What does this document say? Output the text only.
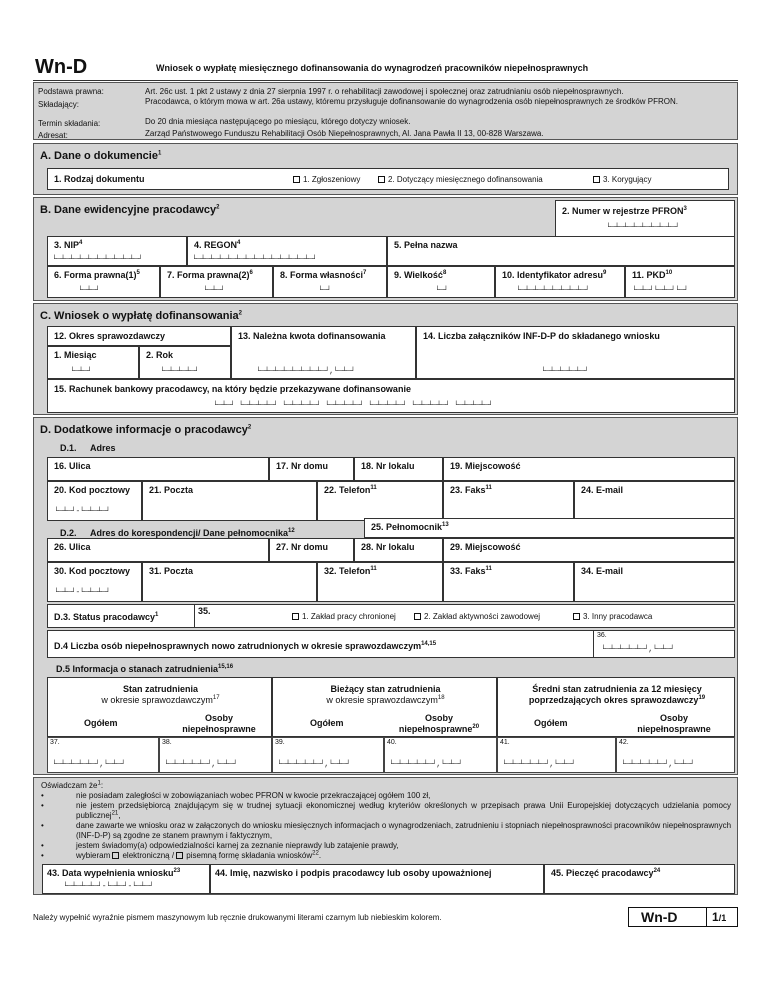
Wn-D	Wniosek o wypłatę miesięcznego dofinansowania do wynagrodzeń pracowników niepełnosprawnych
Podstawa prawna:	Art. 26c ust. 1 pkt 2 ustawy z dnia 27 sierpnia 1997 r. o rehabilitacji zawodowej i społecznej oraz zatrudnianiu osób niepełnosprawnych.
Składający:	Pracodawca, o którym mowa w art. 26a ustawy, któremu przysługuje dofinansowanie do wynagrodzenia osób niepełnosprawnych ze środków PFRON.
Termin składania:	Do 20 dnia miesiąca następującego po miesiącu, którego dotyczy wniosek.
Adresat:	Zarząd Państwowego Funduszu Rehabilitacji Osób Niepełnosprawnych, Al. Jana Pawła II 13, 00-828 Warszawa.
A. Dane o dokumencie$^1$
1. Rodzaj dokumentu	1. Zgłoszeniowy	2. Dotyczący miesięcznego dofinansowania	3. Korygujący
B. Dane ewidencyjne pracodawcy$^2$	2. Numer w rejestrze PFRON$^3$
└─┴─┴─┴─┴─┴─┴─┴─┘
3. NIP$^4$
└─┴─┴─┴─┴─┴─┴─┴─┴─┴─┘
4. REGON$^4$
└─┴─┴─┴─┴─┴─┴─┴─┴─┴─┴─┴─┴─┴─┘
5. Pełna nazwa
6. Forma $prawna(1)^5$
└─┴─┘
7. Forma $prawna(2)^6$
└─┴─┘
8. Forma własności$^7$
└─┘
9. Wielkość$^8$
└─┘
10. Identyfikator adresu$^9$
└─┴─┴─┴─┴─┴─┴─┴─┘
11. PKD$^{10}$
└─┴─┘└─┴─┘└─┘
C. Wniosek o wypłatę dofinansowania$^2$
12. Okres sprawozdawczy
1. Miesiąc
└─┴─┘
2. Rok
└─┴─┴─┴─┘
13. Należna kwota dofinansowania
└─┴─┴─┴─┴─┴─┴─┴─┘,└─┴─┘
14. Liczba załączników INF-D-P do składanego wniosku
└─┴─┴─┴─┴─┘
15. Rachunek bankowy pracodawcy, na który będzie przekazywane dofinansowanie
└─┴─┘ └─┴─┴─┴─┘ └─┴─┴─┴─┘ └─┴─┴─┴─┘ └─┴─┴─┴─┘ └─┴─┴─┴─┘ └─┴─┴─┴─┘
D. Dodatkowe informacje o pracodawcy$^2$
D.1. Adres
16. Ulica	17. Nr domu	18. Nr lokalu	19. Miejscowość
20. Kod pocztowy
└─┴─┘-└─┴─┴─┘
21. Poczta	22. Telefon$^{11}$	23. Faks$^{11}$	24. E-mail
D.2. Adres do korespondencji/ Dane pełnomocnika$^{12}$	25. Pełnomocnik$^{13}$
26. Ulica	27. Nr domu	28. Nr lokalu	29. Miejscowość
30. Kod pocztowy
└─┴─┘-└─┴─┴─┘
31. Poczta	32. Telefon$^{11}$	33. Faks$^{11}$	34. E-mail
D.3. Status pracodawcy$^1$	35.
1. Zakład pracy chronionej	2. Zakład aktywności zawodowej	3. Inny pracodawca
D.4 Liczba osób niepełnosprawnych nowo zatrudnionych w okresie sprawozdawczym$^{14,15}$
36.
└─┴─┴─┴─┴─┘,└─┴─┘
D.5 Informacja o stanach zatrudnienia$^{15,16}$
Stan zatrudnienia
w okresie sprawozdawczym$^{17}$
Bieżący stan zatrudnienia
w okresie sprawozdawczym$^{18}$
Średni stan zatrudnienia za 12 miesięcy
poprzedzających okres sprawozdawczy$^{19}$
Ogółem	Osoby
niepełnosprawne
Ogółem	Osoby
niepełnosprawne$^{20}$	Ogółem	Osoby
niepełnosprawne
37.
└─┴─┴─┴─┴─┘,└─┴─┘
38.
└─┴─┴─┴─┴─┘,└─┴─┘
39.
└─┴─┴─┴─┴─┘,└─┴─┘
40.
└─┴─┴─┴─┴─┘,└─┴─┘
41.
└─┴─┴─┴─┴─┘,└─┴─┘
42.
└─┴─┴─┴─┴─┘,└─┴─┘
Oświadczam $że^1$:
•	nie posiadam zaległości w zobowiązaniach wobec PFRON w kwocie przekraczającej ogółem 100 zł,
•	nie jestem przedsiębiorcą znajdującym się w trudnej sytuacji ekonomicznej według kryteriów określonych w przepisach prawa Unii Europejskiej dotyczących udzielania pomocy publicznej$^{21}$,
•	dane zawarte we wniosku oraz w załączonych do wniosku miesięcznych informacjach o wynagrodzeniach, zatrudnieniu i stopniach niepełnosprawności pracowników niepełnosprawnych (INF-D-P) są zgodne ze stanem prawnym i faktycznym,
•	jestem świadomy(a) odpowiedzialności karnej za zeznanie nieprawdy lub zatajenie prawdy,
•	wybieram elektroniczną / pisemną formę składania wniosków$^{22}$.
43. Data wypełnienia wniosku$^{23}$
└─┴─┴─┴─┘-└─┴─┘-└─┴─┘
44. Imię, nazwisko i podpis pracodawcy lub osoby upoważnionej	45. Pieczęć pracodawcy$^{24}$
Należy wypełnić wyraźnie pismem maszynowym lub ręcznie drukowanymi literami czarnym lub niebieskim kolorem.	Wn-D	1/1
